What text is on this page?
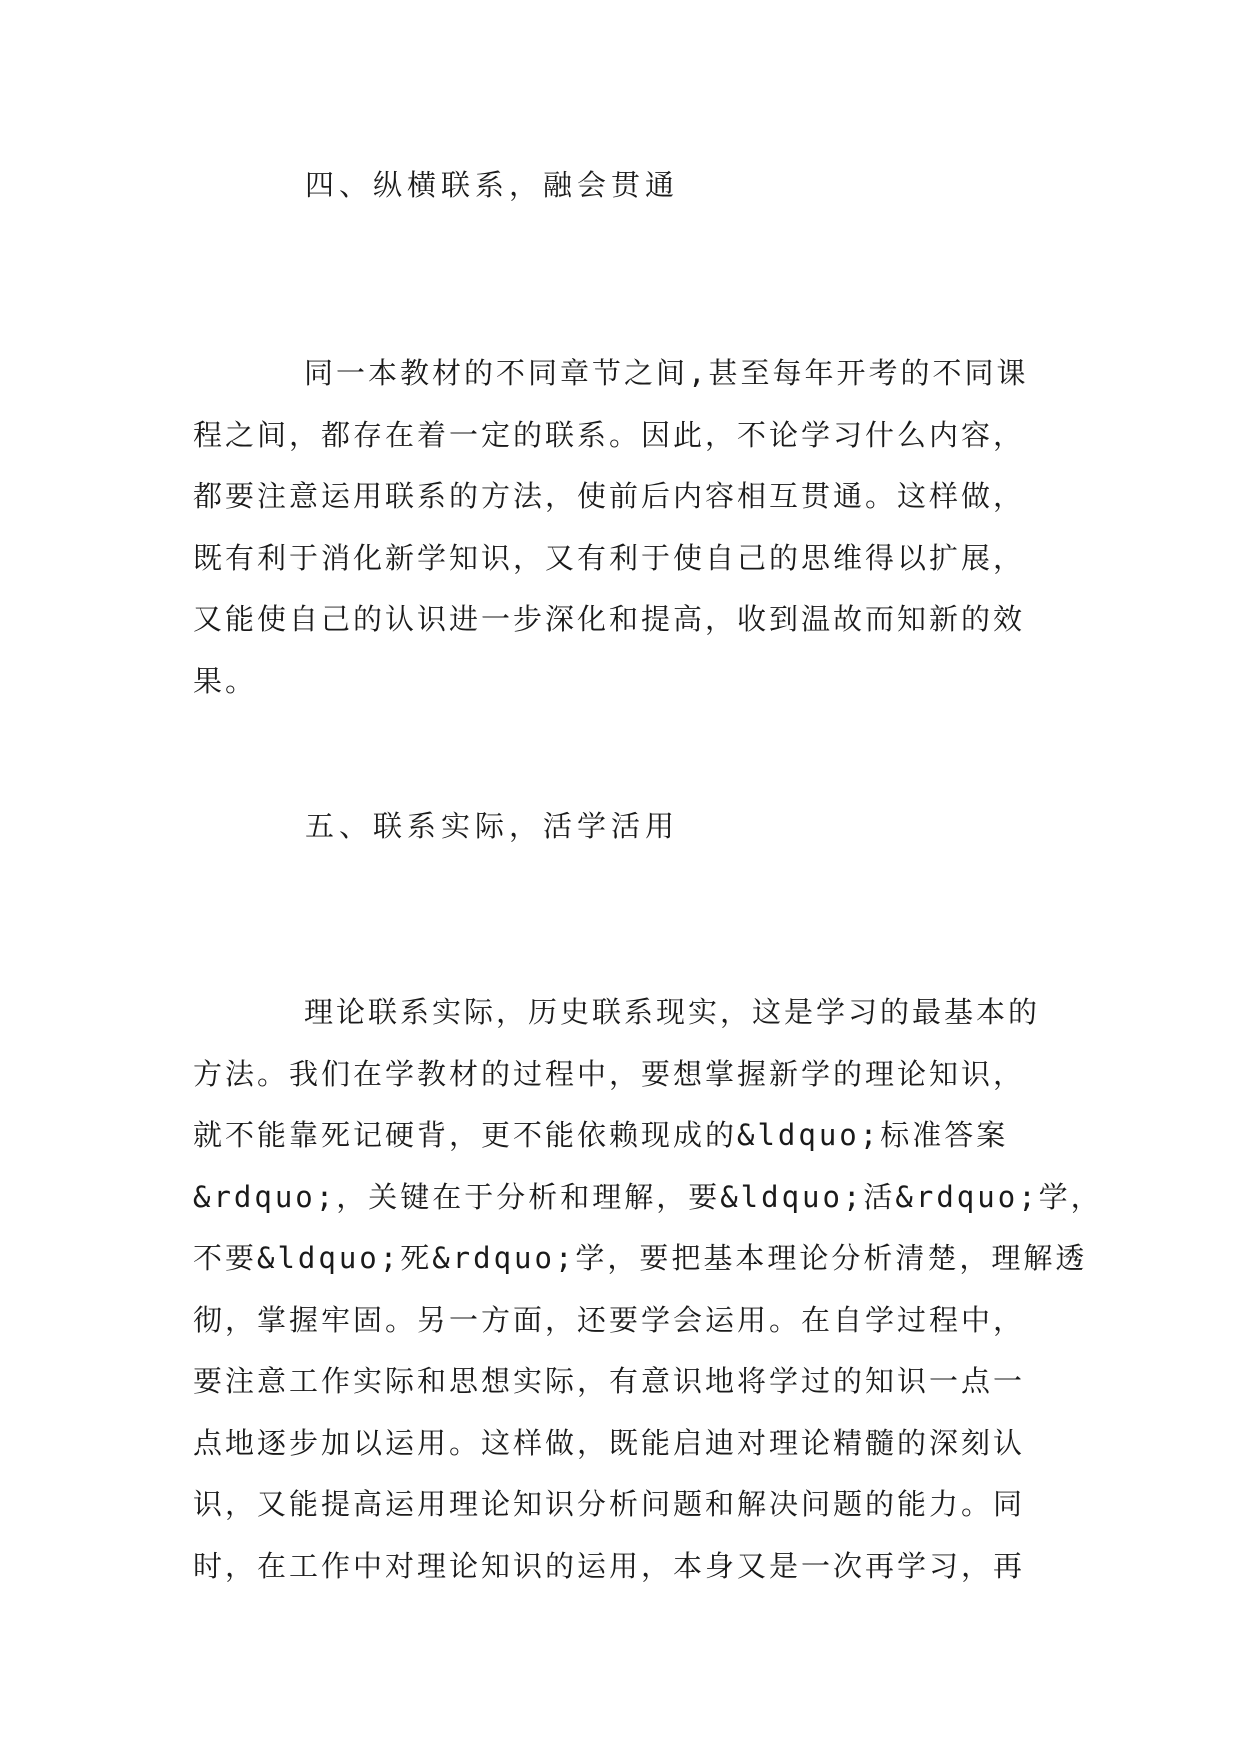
四、纵横联系，融会贯通
同一本教材的不同章节之间,甚至每年开考的不同课
程之间，都存在着一定的联系。因此，不论学习什么内容，
都要注意运用联系的方法，使前后内容相互贯通。这样做，
既有利于消化新学知识，又有利于使自己的思维得以扩展，
又能使自己的认识进一步深化和提高，收到温故而知新的效
果。
五、联系实际，活学活用
理论联系实际，历史联系现实，这是学习的最基本的
方法。我们在学教材的过程中，要想掌握新学的理论知识，
就不能靠死记硬背，更不能依赖现成的&ldquo;标准答案
&rdquo;，关键在于分析和理解，要&ldquo;活&rdquo;学，
不要&ldquo;死&rdquo;学，要把基本理论分析清楚，理解透
彻，掌握牢固。另一方面，还要学会运用。在自学过程中，
要注意工作实际和思想实际，有意识地将学过的知识一点一
点地逐步加以运用。这样做，既能启迪对理论精髓的深刻认
识，又能提高运用理论知识分析问题和解决问题的能力。同
时，在工作中对理论知识的运用，本身又是一次再学习，再
